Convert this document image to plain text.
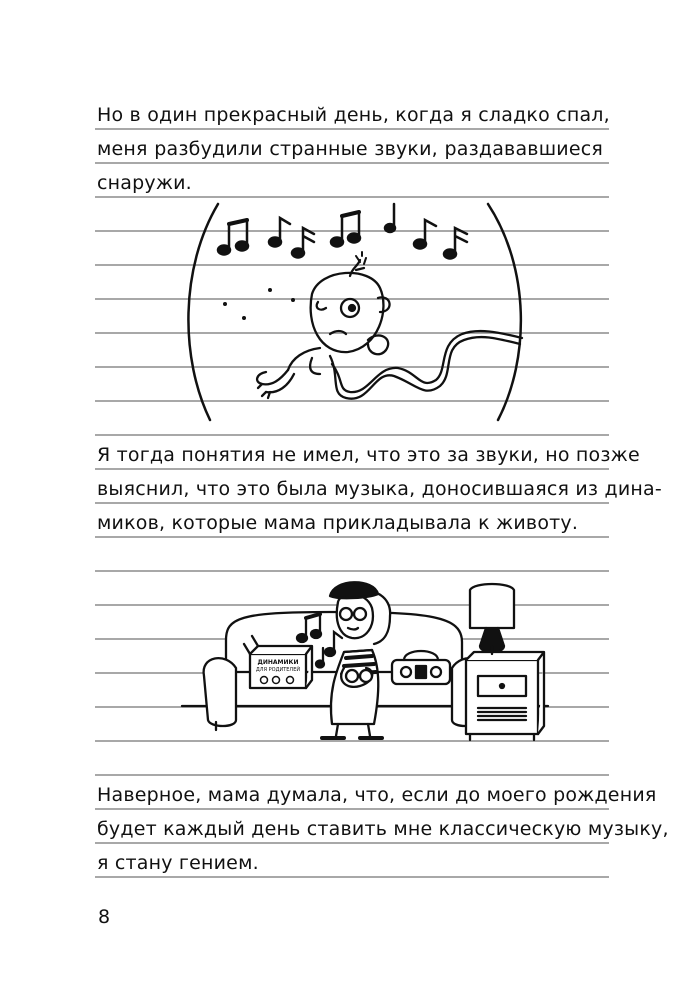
Но в один прекрасный день, когда я сладко спал,
меня разбудили странные звуки, раздававшиеся
снаружи.
Я тогда понятия не имел, что это за звуки, но позже
выяснил, что это была музыка, доносившаяся из дина-
миков, которые мама прикладывала к животу.
ДИНАМИКИ
ДЛЯ РОДИТЕЛЕЙ
Наверное, мама думала, что, если до моего рождения
будет каждый день ставить мне классическую музыку,
я стану гением.
8
